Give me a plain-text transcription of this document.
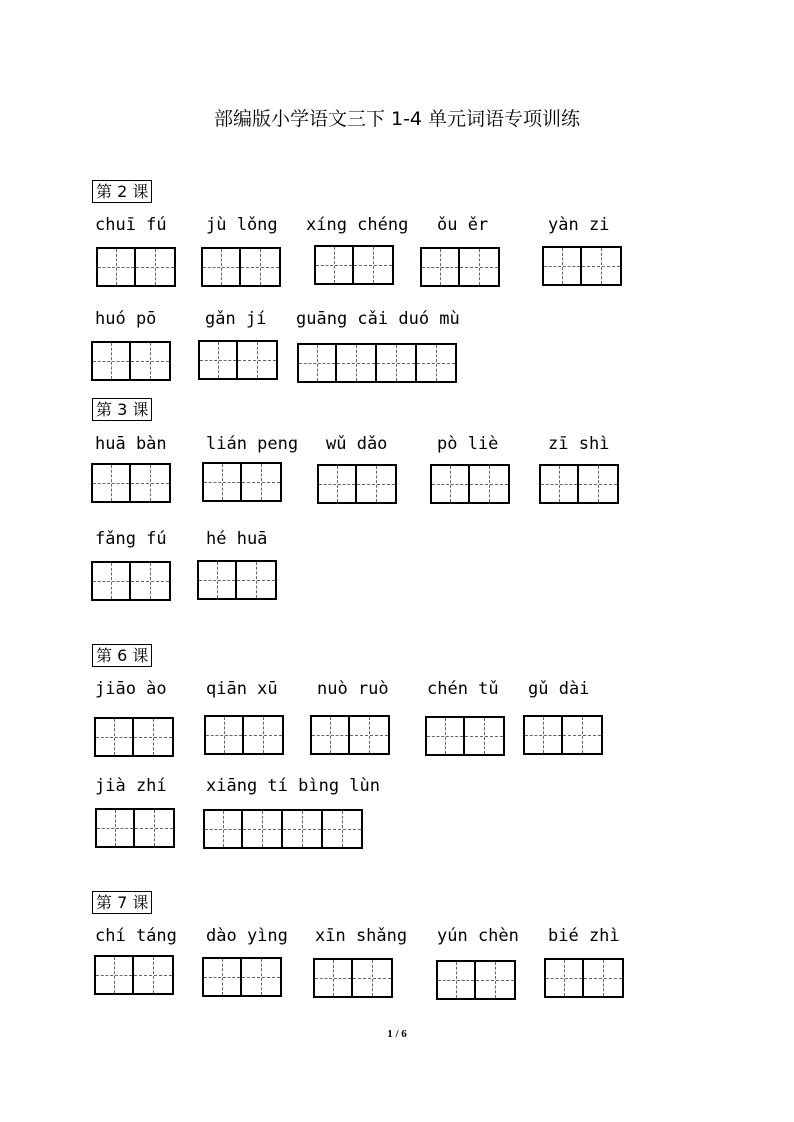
部编版小学语文三下 1-4 单元词语专项训练
第 2 课
chuī fú jù lǒng xíng chéng ǒu ěr	yàn zi
huó pō	gǎn jí guāng cǎi duó mù
第 3 课
huā bàn lián peng wǔ dǎo	pò liè	zī shì
fǎng fú hé huā
第 6 课
jiāo ào qiān xū nuò ruò chén tǔ gǔ dài
jià zhí xiāng tí bìng lùn
第 7 课
chí táng dào yìng xīn shǎng yún chèn bié zhì
1 / 6
